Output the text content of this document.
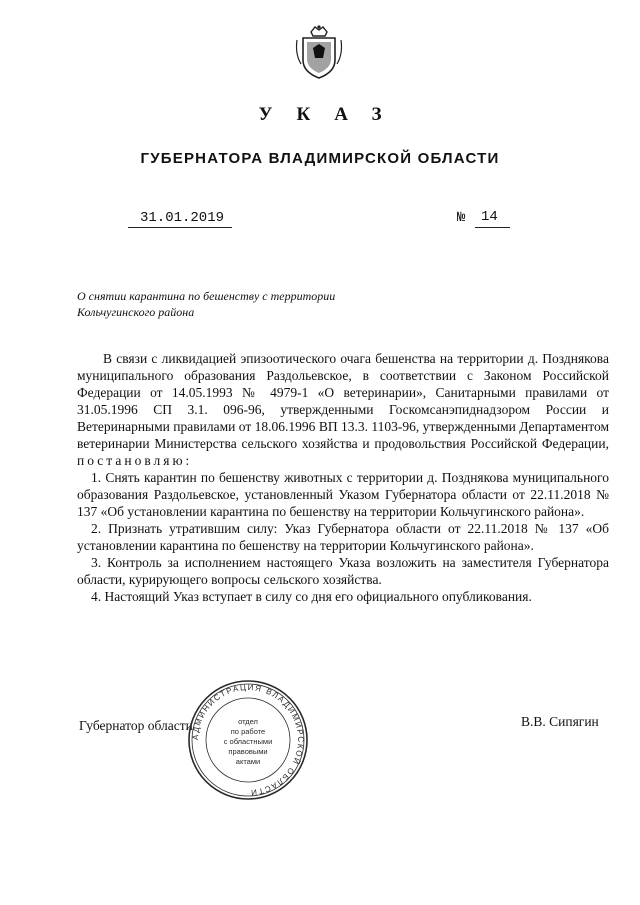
УКАЗ
ГУБЕРНАТОРА ВЛАДИМИРСКОЙ ОБЛАСТИ
31.01.2019	№ 14
О снятии карантина по бешенству с территории Кольчугинского района

В связи с ликвидацией эпизоотического очага бешенства на территории д. Позднякова муниципального образования Раздольевское, в соответствии с Законом Российской Федерации от 14.05.1993 № 4979-1 «О ветеринарии», Санитарными правилами от 31.05.1996 СП 3.1. 096-96, утвержденными Госкомсанэпиднадзором России и Ветеринарными правилами от 18.06.1996 ВП 13.3. 1103-96, утвержденными Департаментом ветеринарии Министерства сельского хозяйства и продовольствия Российской Федерации,

постановляю:

1. Снять карантин по бешенству животных с территории д. Позднякова муниципального образования Раздольевское, установленный Указом Губернатора области от 22.11.2018 № 137 «Об установлении карантина по бешенству на территории Кольчугинского района».

2. Признать утратившим силу: Указ Губернатора области от 22.11.2018 № 137 «Об установлении карантина по бешенству на территории Кольчугинского района».

3. Контроль за исполнением настоящего Указа возложить на заместителя Губернатора области, курирующего вопросы сельского хозяйства.

4. Настоящий Указ вступает в силу со дня его официального опубликования.

Губернатор области	В.В. Сипягин
АДМИНИСТРАЦИЯ ВЛАДИМИРСКОЙ ОБЛАСТИ
отдел
по работе
с областными
правовыми
актами
